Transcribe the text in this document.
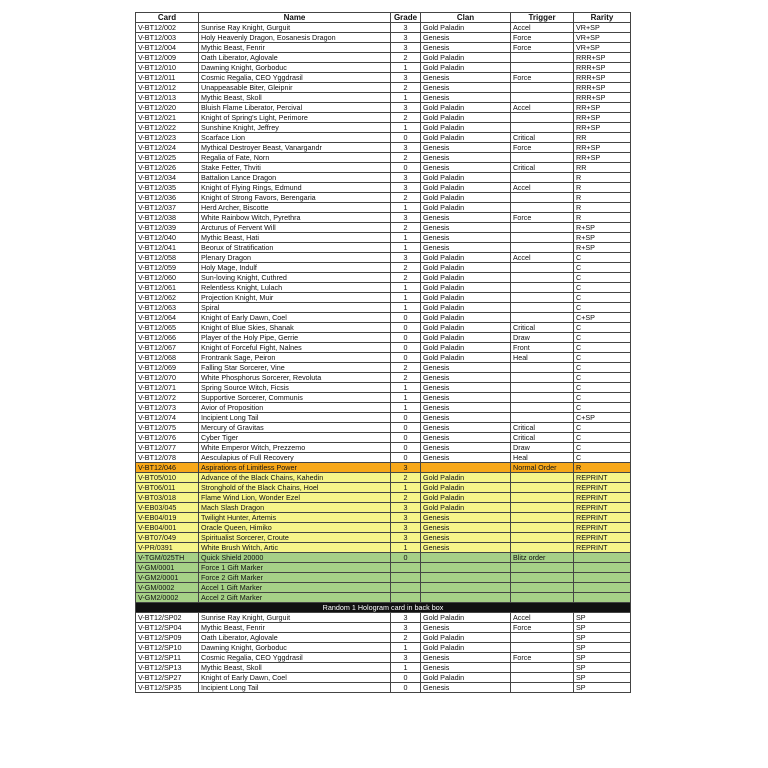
Card	Name	Grade	Clan	Trigger	Rarity
V-BT12/002	Sunrise Ray Knight, Gurguit	3	Gold Paladin	Accel	VR+SP
V-BT12/003	Holy Heavenly Dragon, Eosanesis Dragon	3	Genesis	Force	VR+SP
V-BT12/004	Mythic Beast, Fenrir	3	Genesis	Force	VR+SP
V-BT12/009	Oath Liberator, Aglovale	2	Gold Paladin		RRR+SP
V-BT12/010	Dawning Knight, Gorboduc	1	Gold Paladin		RRR+SP
V-BT12/011	Cosmic Regalia, CEO Yggdrasil	3	Genesis	Force	RRR+SP
V-BT12/012	Unappeasable Biter, Gleipnir	2	Genesis		RRR+SP
V-BT12/013	Mythic Beast, Skoll	1	Genesis		RRR+SP
V-BT12/020	Bluish Flame Liberator, Percival	3	Gold Paladin	Accel	RR+SP
V-BT12/021	Knight of Spring's Light, Perimore	2	Gold Paladin		RR+SP
V-BT12/022	Sunshine Knight, Jeffrey	1	Gold Paladin		RR+SP
V-BT12/023	Scarface Lion	0	Gold Paladin	Critical	RR
V-BT12/024	Mythical Destroyer Beast, Vanargandr	3	Genesis	Force	RR+SP
V-BT12/025	Regalia of Fate, Norn	2	Genesis		RR+SP
V-BT12/026	Stake Fetter, Thviti	0	Genesis	Critical	RR
V-BT12/034	Battalion Lance Dragon	3	Gold Paladin		R
V-BT12/035	Knight of Flying Rings, Edmund	3	Gold Paladin	Accel	R
V-BT12/036	Knight of Strong Favors, Berengaria	2	Gold Paladin		R
V-BT12/037	Herd Archer, Biscotte	1	Gold Paladin		R
V-BT12/038	White Rainbow Witch, Pyrethra	3	Genesis	Force	R
V-BT12/039	Arcturus of Fervent Will	2	Genesis		R+SP
V-BT12/040	Mythic Beast, Hati	1	Genesis		R+SP
V-BT12/041	Beorux of Stratification	1	Genesis		R+SP
V-BT12/058	Plenary Dragon	3	Gold Paladin	Accel	C
V-BT12/059	Holy Mage, Indulf	2	Gold Paladin		C
V-BT12/060	Sun-loving Knight, Cuthred	2	Gold Paladin		C
V-BT12/061	Relentless Knight, Lulach	1	Gold Paladin		C
V-BT12/062	Projection Knight, Muir	1	Gold Paladin		C
V-BT12/063	Spiral	1	Gold Paladin		C
V-BT12/064	Knight of Early Dawn, Coel	0	Gold Paladin		C+SP
V-BT12/065	Knight of Blue Skies, Shanak	0	Gold Paladin	Critical	C
V-BT12/066	Player of the Holy Pipe, Gerrie	0	Gold Paladin	Draw	C
V-BT12/067	Knight of Forceful Fight, Nalnes	0	Gold Paladin	Front	C
V-BT12/068	Frontrank Sage, Peiron	0	Gold Paladin	Heal	C
V-BT12/069	Falling Star Sorcerer, Vine	2	Genesis		C
V-BT12/070	White Phosphorus Sorcerer, Revoluta	2	Genesis		C
V-BT12/071	Spring Source Witch, Ficsis	1	Genesis		C
V-BT12/072	Supportive Sorcerer, Communis	1	Genesis		C
V-BT12/073	Avior of Proposition	1	Genesis		C
V-BT12/074	Incipient Long Tail	0	Genesis		C+SP
V-BT12/075	Mercury of Gravitas	0	Genesis	Critical	C
V-BT12/076	Cyber Tiger	0	Genesis	Critical	C
V-BT12/077	White Emperor Witch, Prezzemo	0	Genesis	Draw	C
V-BT12/078	Aesculapius of Full Recovery	0	Genesis	Heal	C
V-BT12/046	Aspirations of Limitless Power	3		Normal Order	R
V-BT05/010	Advance of the Black Chains, Kahedin	2	Gold Paladin		REPRINT
V-BT06/011	Stronghold of the Black Chains, Hoel	1	Gold Paladin		REPRINT
V-BT03/018	Flame Wind Lion, Wonder Ezel	2	Gold Paladin		REPRINT
V-EB03/045	Mach Slash Dragon	3	Gold Paladin		REPRINT
V-EB04/019	Twilight Hunter, Artemis	3	Genesis		REPRINT
V-EB04/001	Oracle Queen, Himiko	3	Genesis		REPRINT
V-BT07/049	Spiritualist Sorcerer, Croute	3	Genesis		REPRINT
V-PR/0391	White Brush Witch, Artic	1	Genesis		REPRINT
V-TGM/025TH	Quick Shield 20000	0		Blitz order	
V-GM/0001	Force 1 Gift Marker				
V-GM2/0001	Force 2 Gift Marker				
V-GM/0002	Accel 1 Gift Marker				
V-GM2/0002	Accel 2 Gift Marker				
Random 1 Hologram card in back box					
V-BT12/SP02	Sunrise Ray Knight, Gurguit	3	Gold Paladin	Accel	SP
V-BT12/SP04	Mythic Beast, Fenrir	3	Genesis	Force	SP
V-BT12/SP09	Oath Liberator, Aglovale	2	Gold Paladin		SP
V-BT12/SP10	Dawning Knight, Gorboduc	1	Gold Paladin		SP
V-BT12/SP11	Cosmic Regalia, CEO Yggdrasil	3	Genesis	Force	SP
V-BT12/SP13	Mythic Beast, Skoll	1	Genesis		SP
V-BT12/SP27	Knight of Early Dawn, Coel	0	Gold Paladin		SP
V-BT12/SP35	Incipient Long Tail	0	Genesis		SP
